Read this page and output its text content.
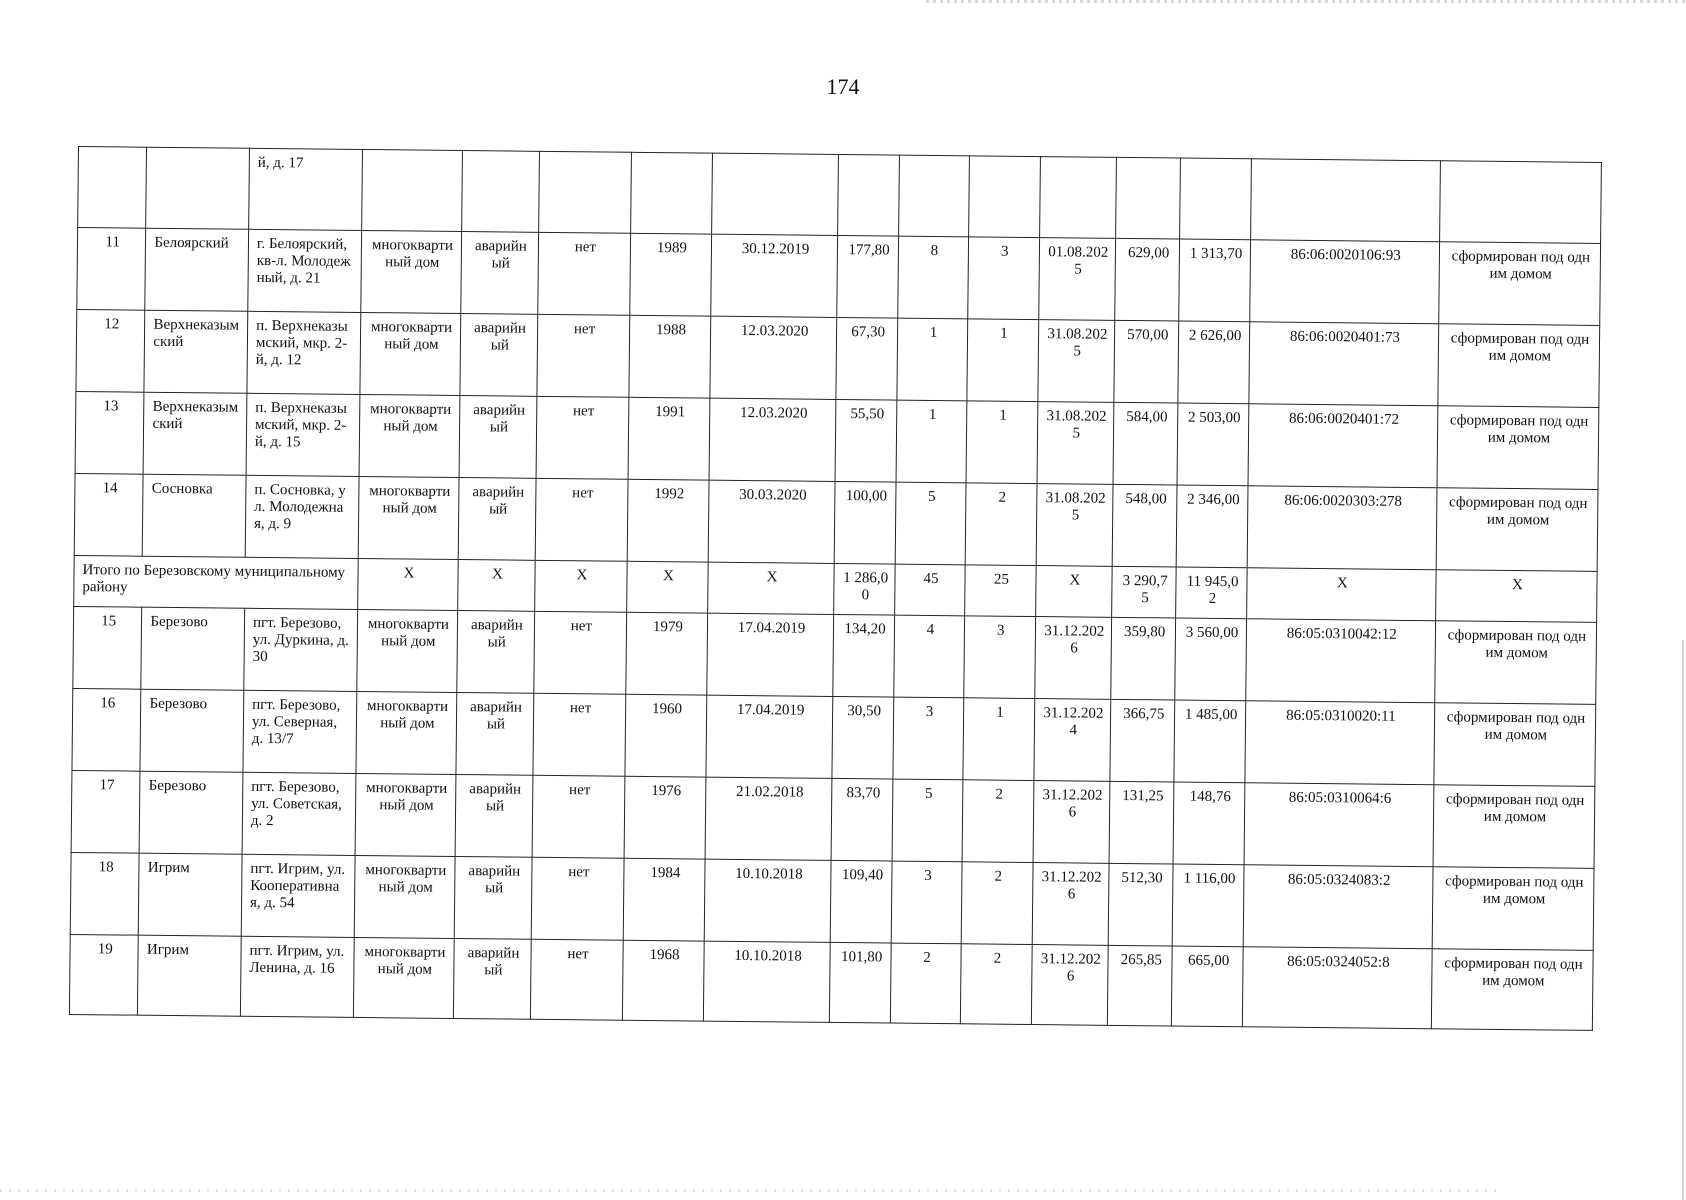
174
		й, д. 17													
11	Белоярский	г. Белоярский, кв-л. Молодежный, д. 21	многоквартиный дом	аварийный	нет	1989	30.12.2019	177,80	8	3	01.08.2025	629,00	1 313,70	86:06:0020106:93	сформирован под одним домом
12	Верхнеказымский	п. Верхнеказымский, мкр. 2-й, д. 12	многоквартиный дом	аварийный	нет	1988	12.03.2020	67,30	1	1	31.08.2025	570,00	2 626,00	86:06:0020401:73	сформирован под одним домом
13	Верхнеказымский	п. Верхнеказымский, мкр. 2-й, д. 15	многоквартиный дом	аварийный	нет	1991	12.03.2020	55,50	1	1	31.08.2025	584,00	2 503,00	86:06:0020401:72	сформирован под одним домом
14	Сосновка	п. Сосновка, ул. Молодежная, д. 9	многоквартиный дом	аварийный	нет	1992	30.03.2020	100,00	5	2	31.08.2025	548,00	2 346,00	86:06:0020303:278	сформирован под одним домом
Итого по Березовскому муниципальному району			Х	Х	Х	Х	Х	1 286,00	45	25	Х	3 290,75	11 945,02	Х	Х
15	Березово	пгт. Березово, ул. Дуркина, д. 30	многоквартиный дом	аварийный	нет	1979	17.04.2019	134,20	4	3	31.12.2026	359,80	3 560,00	86:05:0310042:12	сформирован под одним домом
16	Березово	пгт. Березово, ул. Северная, д. 13/7	многоквартиный дом	аварийный	нет	1960	17.04.2019	30,50	3	1	31.12.2024	366,75	1 485,00	86:05:0310020:11	сформирован под одним домом
17	Березово	пгт. Березово, ул. Советская, д. 2	многоквартиный дом	аварийный	нет	1976	21.02.2018	83,70	5	2	31.12.2026	131,25	148,76	86:05:0310064:6	сформирован под одним домом
18	Игрим	пгт. Игрим, ул. Кооперативная, д. 54	многоквартиный дом	аварийный	нет	1984	10.10.2018	109,40	3	2	31.12.2026	512,30	1 116,00	86:05:0324083:2	сформирован под одним домом
19	Игрим	пгт. Игрим, ул. Ленина, д. 16	многоквартиный дом	аварийный	нет	1968	10.10.2018	101,80	2	2	31.12.2026	265,85	665,00	86:05:0324052:8	сформирован под одним домом
